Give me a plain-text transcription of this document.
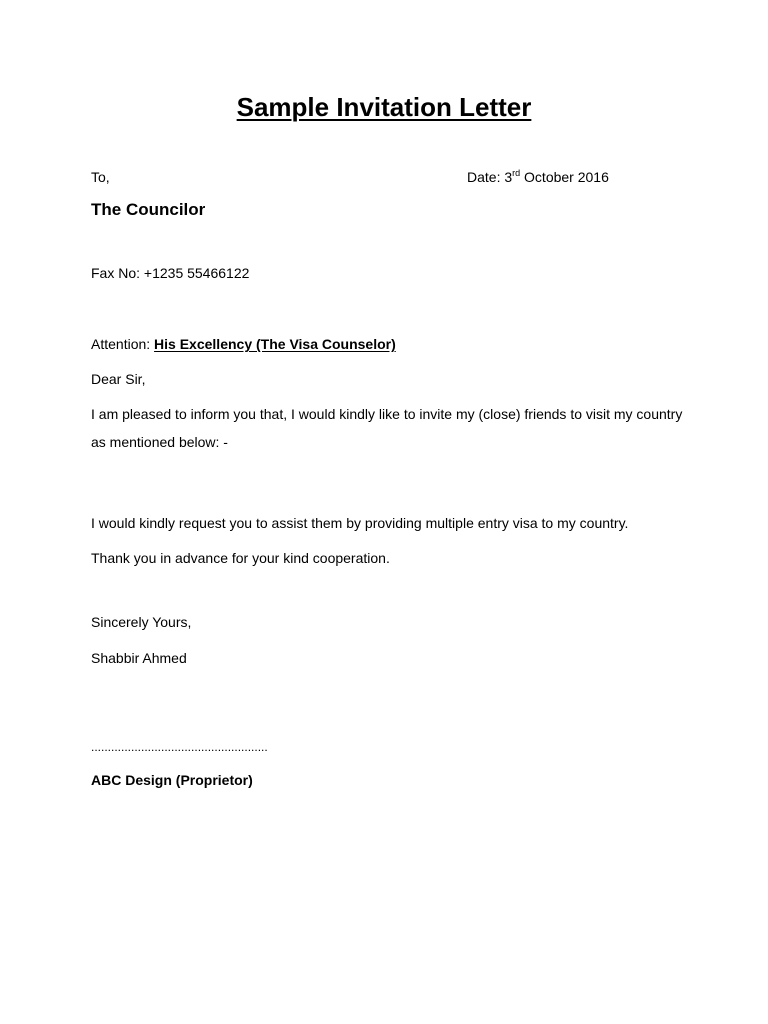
Sample Invitation Letter
To,	Date: 3rd October 2016
The Councilor
Fax No: +1235 55466122
Attention: His Excellency (The Visa Counselor)
Dear Sir,
I am pleased to inform you that, I would kindly like to invite my (close) friends to visit my country
as mentioned below: -
I would kindly request you to assist them by providing multiple entry visa to my country.
Thank you in advance for your kind cooperation.
Sincerely Yours,
Shabbir Ahmed
.....................................................
ABC Design (Proprietor)
